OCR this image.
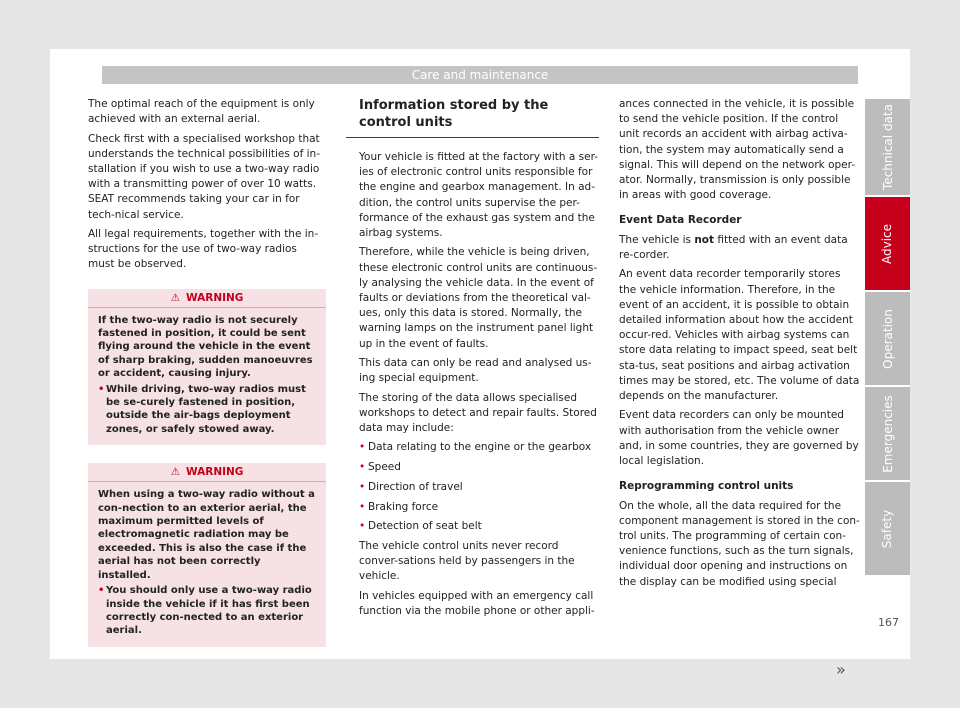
Care and maintenance

The optimal reach of the equipment is only achieved with an external aerial.

Check first with a specialised workshop that understands the technical possibilities of in-stallation if you wish to use a two-way radio with a transmitting power of over 10 watts. SEAT recommends taking your car in for tech-nical service.

All legal requirements, together with the in-structions for the use of two-way radios must be observed.

⚠ WARNING

If the two-way radio is not securely fastened in position, it could be sent flying around the vehicle in the event of sharp braking, sudden manoeuvres or accident, causing injury.

• While driving, two-way radios must be se-curely fastened in position, outside the air-bags deployment zones, or safely stowed away.
⚠ WARNING

When using a two-way radio without a con-nection to an exterior aerial, the maximum permitted levels of electromagnetic radiation may be exceeded. This is also the case if the aerial has not been correctly installed.

• You should only use a two-way radio inside the vehicle if it has first been correctly con-nected to an exterior aerial.
Information stored by the control units

Your vehicle is fitted at the factory with a ser-ies of electronic control units responsible for the engine and gearbox management. In ad-dition, the control units supervise the per-formance of the exhaust gas system and the airbag systems.

Therefore, while the vehicle is being driven, these electronic control units are continuous-ly analysing the vehicle data. In the event of faults or deviations from the theoretical val-ues, only this data is stored. Normally, the warning lamps on the instrument panel light up in the event of faults.

This data can only be read and analysed us-ing special equipment.

The storing of the data allows specialised workshops to detect and repair faults. Stored data may include:

• Data relating to the engine or the gearbox
• Speed
• Direction of travel
• Braking force
• Detection of seat belt

The vehicle control units never record conver-sations held by passengers in the vehicle.

In vehicles equipped with an emergency call function via the mobile phone or other appli-

ances connected in the vehicle, it is possible to send the vehicle position. If the control unit records an accident with airbag activa-tion, the system may automatically send a signal. This will depend on the network oper-ator. Normally, transmission is only possible in areas with good coverage.

Event Data Recorder

The vehicle is not fitted with an event data re-corder.

An event data recorder temporarily stores the vehicle information. Therefore, in the event of an accident, it is possible to obtain detailed information about how the accident occur-red. Vehicles with airbag systems can store data relating to impact speed, seat belt sta-tus, seat positions and airbag activation times may be stored, etc. The volume of data depends on the manufacturer.

Event data recorders can only be mounted with authorisation from the vehicle owner and, in some countries, they are governed by local legislation.

Reprogramming control units

On the whole, all the data required for the component management is stored in the con-trol units. The programming of certain con-venience functions, such as the turn signals, individual door opening and instructions on the display can be modified using special

»
Technical data
Advice
Operation
Emergencies
Safety
167
